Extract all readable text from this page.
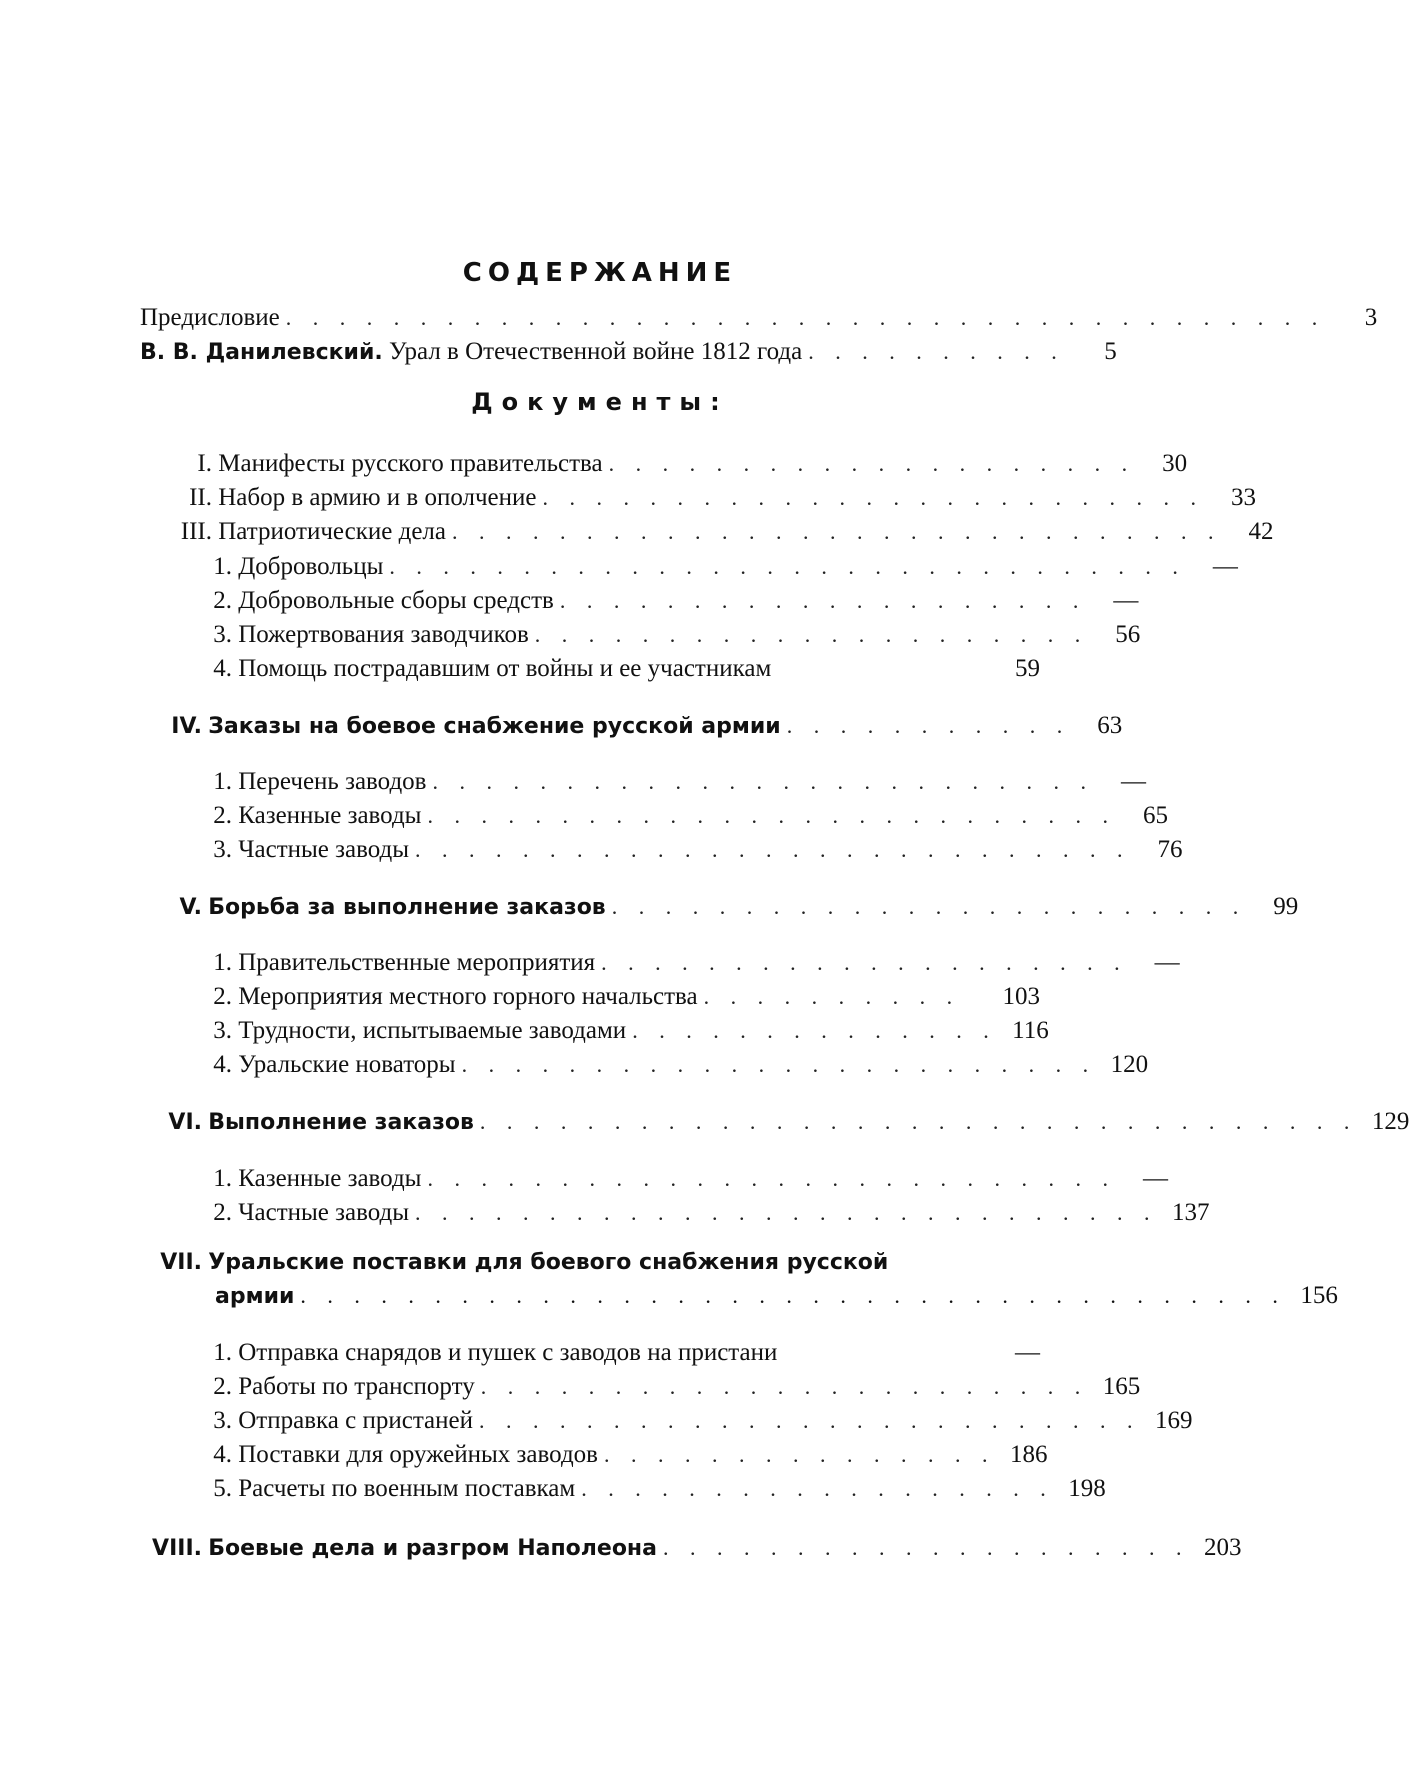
СОДЕРЖАНИЕ
Документы:
Предисловие . . . . . . . . . . . . . . . . . . . . . . . . . . . . . . . . . . . . . . .	3
В. В. Данилевский. Урал в Отечественной войне 1812 года . . . . . . . . . .	5
I.
Манифесты русского правительства . . . . . . . . . . . . . . . . . . . .	30
II.
Набор в армию и в ополчение . . . . . . . . . . . . . . . . . . . . . . . . .	33
III.
Патриотические дела . . . . . . . . . . . . . . . . . . . . . . . . . . . . .	42
1.
Добровольцы . . . . . . . . . . . . . . . . . . . . . . . . . . . . . .	—
2.
Добровольные сборы средств . . . . . . . . . . . . . . . . . . . .	—
3.
Пожертвования заводчиков . . . . . . . . . . . . . . . . . . . . .	56
4.
Помощь пострадавшим от войны и ее участникам	59
IV.
Заказы на боевое снабжение русской армии . . . . . . . . . . .	63
1.
Перечень заводов . . . . . . . . . . . . . . . . . . . . . . . . .	—
2.
Казенные заводы . . . . . . . . . . . . . . . . . . . . . . . . . .	65
3.
Частные заводы . . . . . . . . . . . . . . . . . . . . . . . . . . .	76
V.
Борьба за выполнение заказов . . . . . . . . . . . . . . . . . . . . . . . .	99
1.
Правительственные мероприятия . . . . . . . . . . . . . . . . . . . .	—
2.
Мероприятия местного горного начальства . . . . . . . . . .	103
3.
Трудности, испытываемые заводами . . . . . . . . . . . . . . 116
4.
Уральские новаторы . . . . . . . . . . . . . . . . . . . . . . . . 120
VI.
Выполнение заказов . . . . . . . . . . . . . . . . . . . . . . . . . . . . . . . . . 129
1.
Казенные заводы . . . . . . . . . . . . . . . . . . . . . . . . . .	—
2.
Частные заводы . . . . . . . . . . . . . . . . . . . . . . . . . . . . 137
VII.
Уральские поставки для боевого снабжения русской
армии . . . . . . . . . . . . . . . . . . . . . . . . . . . . . . . . . . . . . 156
1.
Отправка снарядов и пушек с заводов на пристани	—
2.
Работы по транспорту . . . . . . . . . . . . . . . . . . . . . . . 165
3.
Отправка с пристаней . . . . . . . . . . . . . . . . . . . . . . . . . 169
4.
Поставки для оружейных заводов . . . . . . . . . . . . . . . 186
5.
Расчеты по военным поставкам . . . . . . . . . . . . . . . . . . 198
VIII.
Боевые дела и разгром Наполеона . . . . . . . . . . . . . . . . . . . . 203
